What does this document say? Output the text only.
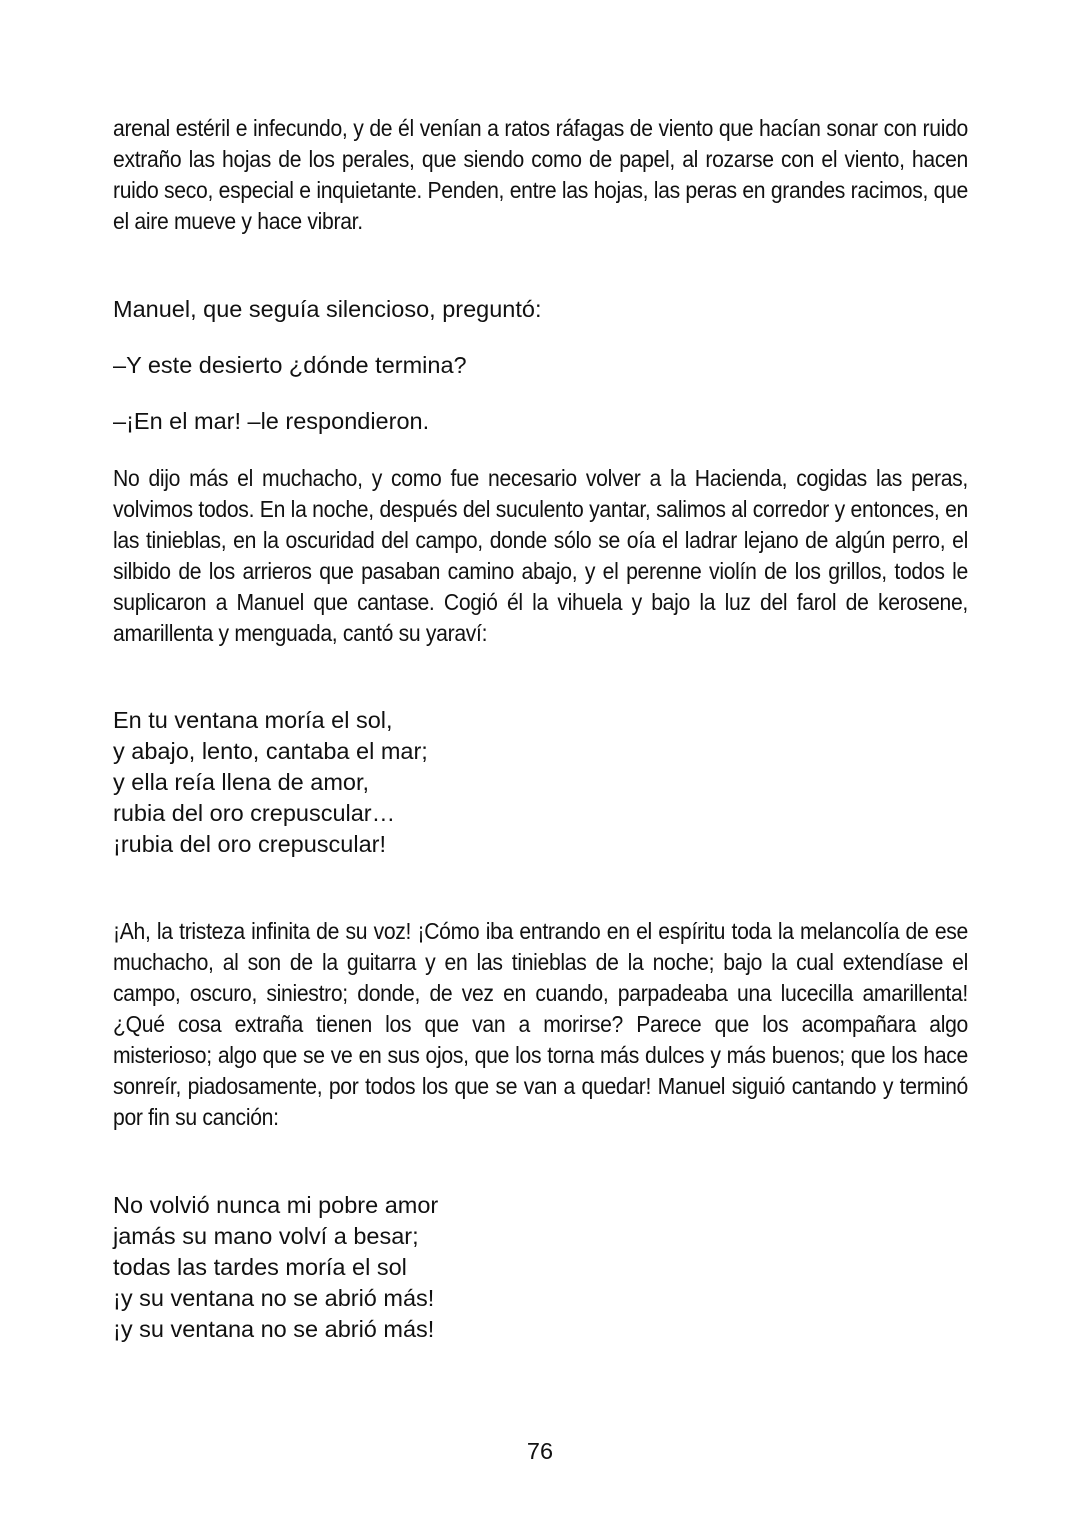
arenal estéril e infecundo, y de él venían a ratos ráfagas de viento que hacían sonar con ruido extraño las hojas de los perales, que siendo como de papel, al rozarse con el viento, hacen ruido seco, especial e inquietante. Penden, entre las hojas, las peras en grandes racimos, que el aire mueve y hace vibrar.

Manuel, que seguía silencioso, preguntó:

–Y este desierto ¿dónde termina?

–¡En el mar! –le respondieron.

No dijo más el muchacho, y como fue necesario volver a la Hacienda, cogidas las peras, volvimos todos. En la noche, después del suculento yantar, salimos al corredor y entonces, en las tinieblas, en la oscuridad del campo, donde sólo se oía el ladrar lejano de algún perro, el silbido de los arrieros que pasaban camino abajo, y el perenne violín de los grillos, todos le suplicaron a Manuel que cantase. Cogió él la vihuela y bajo la luz del farol de kerosene, amarillenta y menguada, cantó su yaraví:

En tu ventana moría el sol,

y abajo, lento, cantaba el mar;

y ella reía llena de amor,

rubia del oro crepuscular…

¡rubia del oro crepuscular!

¡Ah, la tristeza infinita de su voz! ¡Cómo iba entrando en el espíritu toda la melancolía de ese muchacho, al son de la guitarra y en las tinieblas de la noche; bajo la cual extendíase el campo, oscuro, siniestro; donde, de vez en cuando, parpadeaba una lucecilla amarillenta! ¿Qué cosa extraña tienen los que van a morirse? Parece que los acompañara algo misterioso; algo que se ve en sus ojos, que los torna más dulces y más buenos; que los hace sonreír, piadosamente, por todos los que se van a quedar! Manuel siguió cantando y terminó por fin su canción:

No volvió nunca mi pobre amor

jamás su mano volví a besar;

todas las tardes moría el sol

¡y su ventana no se abrió más!

¡y su ventana no se abrió más!

76
